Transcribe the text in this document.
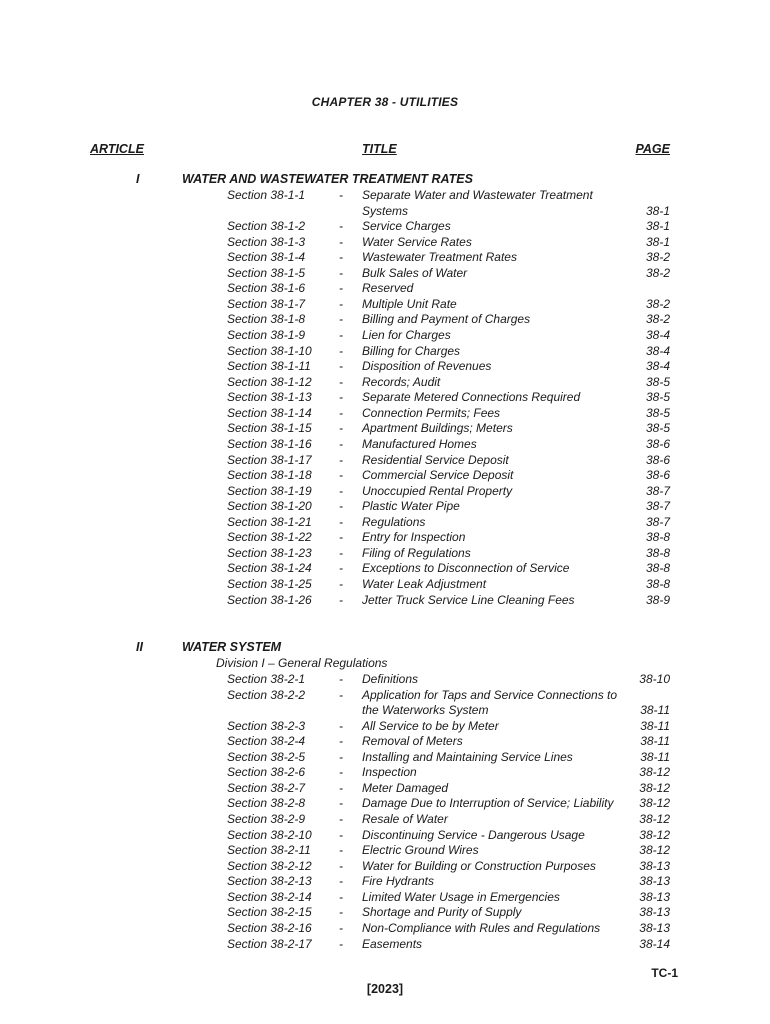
CHAPTER 38 - UTILITIES
ARTICLE	TITLE	PAGE
I	WATER AND WASTEWATER TREATMENT RATES
Section 38-1-1	- Separate Water and Wastewater Treatment
Systems	38-1
Section 38-1-2	- Service Charges	38-1
Section 38-1-3	- Water Service Rates	38-1
Section 38-1-4	- Wastewater Treatment Rates	38-2
Section 38-1-5	- Bulk Sales of Water	38-2
Section 38-1-6	- Reserved
Section 38-1-7	- Multiple Unit Rate	38-2
Section 38-1-8	- Billing and Payment of Charges	38-2
Section 38-1-9	- Lien for Charges	38-4
Section 38-1-10 - Billing for Charges	38-4
Section 38-1-11 - Disposition of Revenues	38-4
Section 38-1-12 - Records; Audit	38-5
Section 38-1-13 - Separate Metered Connections Required	38-5
Section 38-1-14 - Connection Permits; Fees	38-5
Section 38-1-15 - Apartment Buildings; Meters	38-5
Section 38-1-16 - Manufactured Homes	38-6
Section 38-1-17 - Residential Service Deposit	38-6
Section 38-1-18 - Commercial Service Deposit	38-6
Section 38-1-19 - Unoccupied Rental Property	38-7
Section 38-1-20 - Plastic Water Pipe	38-7
Section 38-1-21 - Regulations	38-7
Section 38-1-22 - Entry for Inspection	38-8
Section 38-1-23 - Filing of Regulations	38-8
Section 38-1-24 - Exceptions to Disconnection of Service	38-8
Section 38-1-25 - Water Leak Adjustment	38-8
Section 38-1-26 - Jetter Truck Service Line Cleaning Fees	38-9
II	WATER SYSTEM
Division I – General Regulations
Section 38-2-1	- Definitions	38-10
Section 38-2-2	- Application for Taps and Service Connections to
the Waterworks System	38-11
Section 38-2-3	- All Service to be by Meter	38-11
Section 38-2-4	- Removal of Meters	38-11
Section 38-2-5	- Installing and Maintaining Service Lines	38-11
Section 38-2-6	- Inspection	38-12
Section 38-2-7	- Meter Damaged	38-12
Section 38-2-8	- Damage Due to Interruption of Service; Liability 38-12
Section 38-2-9	- Resale of Water	38-12
Section 38-2-10 - Discontinuing Service - Dangerous Usage	38-12
Section 38-2-11 - Electric Ground Wires	38-12
Section 38-2-12 - Water for Building or Construction Purposes	38-13
Section 38-2-13 - Fire Hydrants	38-13
Section 38-2-14 - Limited Water Usage in Emergencies	38-13
Section 38-2-15 - Shortage and Purity of Supply	38-13
Section 38-2-16 - Non-Compliance with Rules and Regulations	38-13
Section 38-2-17 - Easements	38-14
TC-1
[2023]
